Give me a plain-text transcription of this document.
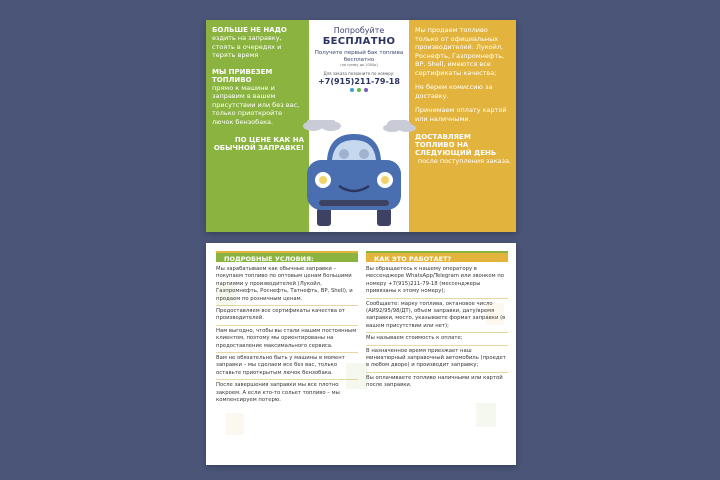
БОЛЬШЕ НЕ НАДО
ездить на заправку, стоять в очередях и терять время
МЫ ПРИВЕЗЕМ ТОПЛИВО
прямо к машине и заправим в вашем присутствии или без вас, только приоткройте лючок бензобака.
ПО ЦЕНЕ КАК НА ОБЫЧНОЙ ЗАПРАВКЕ!
Попробуйте
БЕСПЛАТНО
Получите первый бак топлива бесплатно
(на сумму до 1000р)
Для заказа позвоните по номеру:
+7(915)211-79-18
Мы продаем топливо только от официальных производителей: Лукойл, Роснефть, Газпромнефть, BP, Shell, имеются все сертификаты качества;
Не берем комиссию за доставку.
Принимаем оплату картой или наличными.
ДОСТАВЛЯЕМ ТОПЛИВО НА СЛЕДУЮЩИЙ ДЕНЬ
после поступления заказа.
ПОДРОБНЫЕ УСЛОВИЯ:
Мы зарабатываем как обычные заправки – покупаем топливо по оптовым ценам большими партиями у производителей (Лукойл, Газпромнефть, Роснефть, Татнефть, BP, Shell), и продаем по розничным ценам.
Предоставляем все сертификаты качества от производителей.
Нам выгодно, чтобы вы стали нашим постоянным клиентом, поэтому мы ориентированы на предоставление максимального сервиса.
Вам не обязательно быть у машины в момент заправки – мы сделаем все без вас, только оставьте приоткрытым лючок бензобака.
После завершения заправки мы все плотно закроем. А если кто-то сольет топливо – мы компенсируем потерю.
КАК ЭТО РАБОТАЕТ?
Вы обращаетесь к нашему оператору в мессенджере WhatsApp/Telegram или звонком по номеру +7(915)211-79-18 (мессенджеры привязаны к этому номеру);
Сообщаете: марку топлива, октановое число (АИ92/95/98/ДТ), объем заправки, дату/время заправки, место, указываете формат заправки (в вашем присутствии или нет);
Мы называем стоимость к оплате;
В назначенное время приезжает наш миниатюрный заправочный автомобиль (проедет в любом дворе) и производит заправку;
Вы оплачиваете топливо наличными или картой после заправки.
